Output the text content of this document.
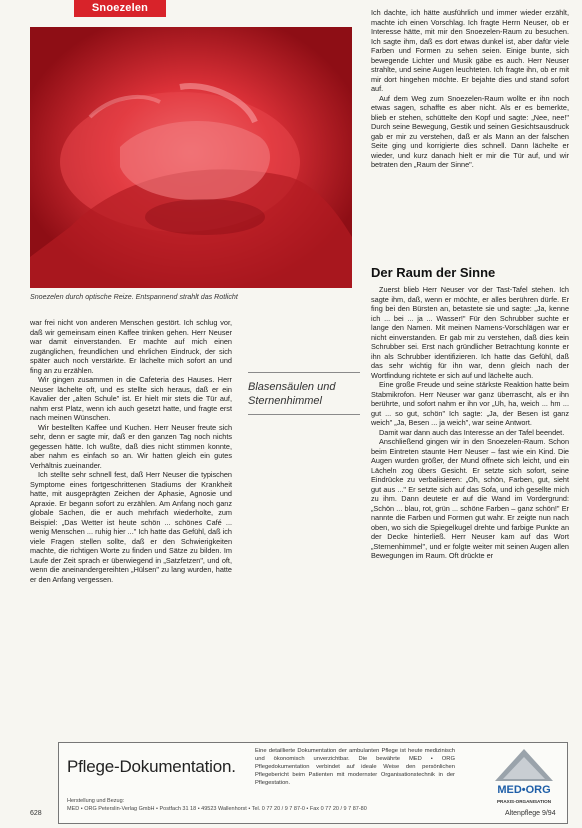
Snoezelen
Snoezelen durch optische Reize. Entspannend strahlt das Rotlicht

war frei nicht von anderen Menschen gestört. Ich schlug vor, daß wir gemeinsam einen Kaffee trinken gehen. Herr Neuser war damit einverstanden. Er machte auf mich einen zugänglichen, freundlichen und ehrlichen Eindruck, der sich später auch noch verstärkte. Er lächelte mich sofort an und fing an zu erzählen.

Wir gingen zusammen in die Cafeteria des Hauses. Herr Neuser lächelte oft, und es stellte sich heraus, daß er ein Kavalier der „alten Schule" ist. Er hielt mir stets die Tür auf, nahm erst Platz, wenn ich auch gesetzt hatte, und fragte erst nach meinen Wünschen.

Wir bestellten Kaffee und Kuchen. Herr Neuser freute sich sehr, denn er sagte mir, daß er den ganzen Tag noch nichts gegessen hätte. Ich wußte, daß dies nicht stimmen konnte, aber nahm es einfach so an. Wir hatten gleich ein gutes Verhältnis zueinander.

Ich stellte sehr schnell fest, daß Herr Neuser die typischen Symptome eines fortgeschrittenen Stadiums der Krankheit hatte, mit ausgeprägten Zeichen der Aphasie, Agnosie und Apraxie. Er begann sofort zu erzählen. Am Anfang noch ganz globale Sachen, die er auch mehrfach wiederholte, zum Beispiel: „Das Wetter ist heute schön ... schönes Café ... wenig Menschen ... ruhig hier ..." Ich hatte das Gefühl, daß ich viele Fragen stellen sollte, daß er den Schwierigkeiten machte, die richtigen Worte zu finden und Sätze zu bilden. Im Laufe der Zeit sprach er überwiegend in „Satzfetzen", und oft, wenn die aneinandergereihten „Hülsen" zu lang wurden, hatte er den Anfang vergessen.

Blasensäulen und Sternenhimmel

Ich dachte, ich hätte ausführlich und immer wieder erzählt, machte ich einen Vorschlag. Ich fragte Herrn Neuser, ob er Interesse hätte, mit mir den Snoezelen-Raum zu besuchen. Ich sagte ihm, daß es dort etwas dunkel ist, aber dafür viele Farben und Formen zu sehen seien. Einige bunte, sich bewegende Lichter und Musik gäbe es auch. Herr Neuser strahlte, und seine Augen leuchteten. Ich fragte ihn, ob er mit mir dort hingehen möchte. Er bejahte dies und stand sofort auf.

Auf dem Weg zum Snoezelen-Raum wollte er ihn noch etwas sagen, schaffte es aber nicht. Als er es bemerkte, blieb er stehen, schüttelte den Kopf und sagte: „Nee, nee!" Durch seine Bewegung, Gestik und seinen Gesichtsausdruck gab er mir zu verstehen, daß er als Mann an der falschen Seite ging und korrigierte dies schnell. Dann lächelte er wieder, und kurz danach hielt er mir die Tür auf, und wir betraten den „Raum der Sinne".

Der Raum der Sinne

Zuerst blieb Herr Neuser vor der Tast-Tafel stehen. Ich sagte ihm, daß, wenn er möchte, er alles berühren dürfe. Er fing bei den Bürsten an, betastete sie und sagte: „Ja, kenne ich ... bei ... ja ... Wasser!" Für den Schrubber suchte er lange den Namen. Mit meinen Namens-Vorschlägen war er nicht einverstanden. Er gab mir zu verstehen, daß dies kein Schrubber sei. Erst nach gründlicher Betrachtung konnte er ihn als Schrubber identifizieren. Ich hatte das Gefühl, daß das sehr wichtig für ihn war, denn gleich nach der Wortfindung richtete er sich auf und lächelte auch.

Eine große Freude und seine stärkste Reaktion hatte beim Stabmikrofon. Herr Neuser war ganz überrascht, als er ihn berührte, und sofort nahm er ihn vor „Uh, ha, weich ... hm ... gut ... so gut, schön" Ich sagte: „Ja, der Besen ist ganz weich" „Ja, Besen ... ja weich", war seine Antwort.

Damit war dann auch das Interesse an der Tafel beendet.

Anschließend gingen wir in den Snoezelen-Raum. Schon beim Eintreten staunte Herr Neuser – fast wie ein Kind. Die Augen wurden größer, der Mund öffnete sich leicht, und ein Lächeln zog übers Gesicht. Er setzte sich sofort, seine Eindrücke zu verbalisieren: „Oh, schön, Farben, gut, sieht gut aus ..." Er setzte sich auf das Sofa, und ich gesellte mich zu ihm. Dann deutete er auf die Wand im Vordergrund: „Schön ... blau, rot, grün ... schöne Farben – ganz schön!" Er nannte die Farben und Formen gut wahr. Er zeigte nun nach oben, wo sich die Spiegelkugel drehte und farbige Punkte an der Decke hinterließ. Herr Neuser kam auf das Wort „Sternenhimmel", und er folgte weiter mit seinen Augen allen Bewegungen im Raum. Oft drückte er

Pflege-Dokumentation.
Eine detaillierte Dokumentation der ambulanten Pflege ist heute medizinisch und ökonomisch unverzichtbar. Die bewährte MED • ORG Pflegedokumentation verbindet auf ideale Weise den persönlichen Pflegebericht beim Patienten mit modernster Organisationstechnik in der Pflegestation.
Herstellung und Bezug:
MED • ORG Peterslin-Verlag GmbH • Postfach 31 18 • 49523 Wallenhorst • Tel. 0 77 20 / 9 7 87-0 • Fax 0 77 20 / 9 7 87-80
MED•ORG
PRAXIS-ORGANISATION
628	Altenpflege 9/94
